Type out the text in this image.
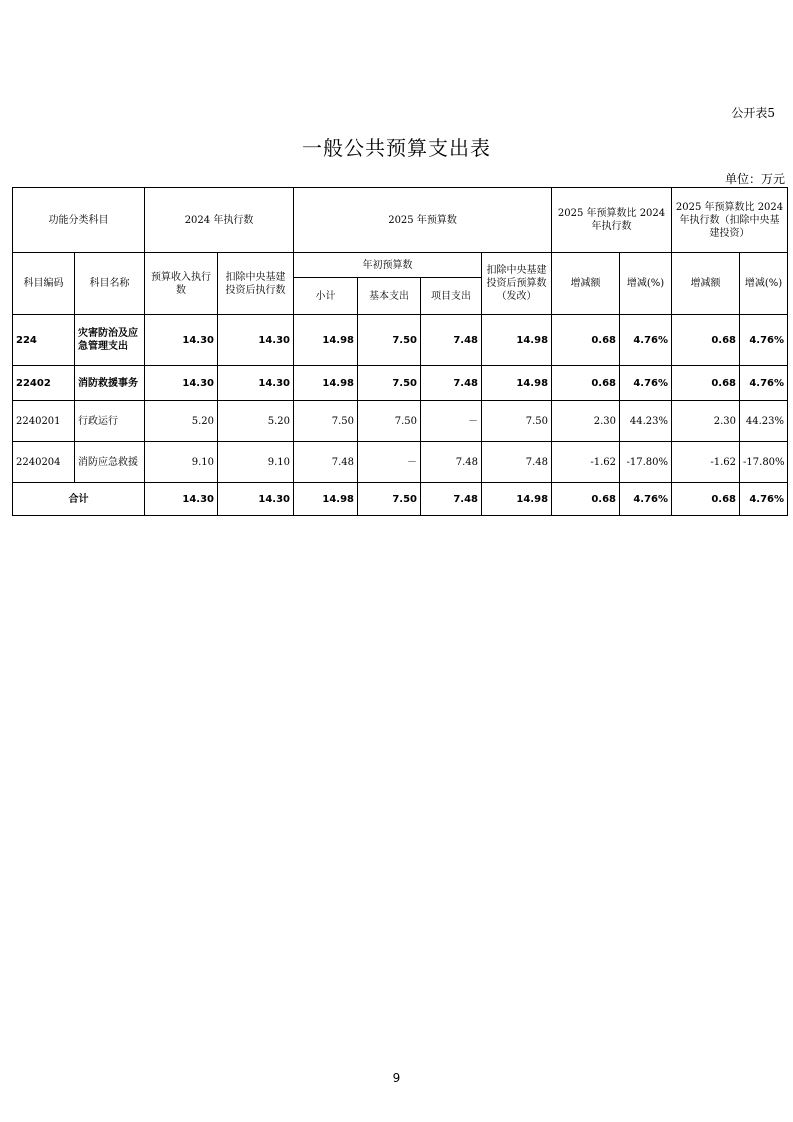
公开表5
一般公共预算支出表
单位：万元
功能分类科目		2024 年执行数		2025 年预算数				2025 年预算数比 2024 年执行数		2025 年预算数比 2024 年执行数（扣除中央基建投资）	
科目编码	科目名称	预算收入执行数	扣除中央基建投资后执行数	年初预算数			扣除中央基建投资后预算数（发改）	增减额	增减(%)	增减额	增减(%)
				小计	基本支出	项目支出					
224	灾害防治及应急管理支出	14.30	14.30	14.98	7.50	7.48	14.98	0.68	4.76%	0.68	4.76%
22402	消防救援事务	14.30	14.30	14.98	7.50	7.48	14.98	0.68	4.76%	0.68	4.76%
2240201	行政运行	5.20	5.20	7.50	7.50	－	7.50	2.30	44.23%	2.30	44.23%
2240204	消防应急救援	9.10	9.10	7.48	－	7.48	7.48	-1.62	-17.80%	-1.62	-17.80%
合计		14.30	14.30	14.98	7.50	7.48	14.98	0.68	4.76%	0.68	4.76%
9
